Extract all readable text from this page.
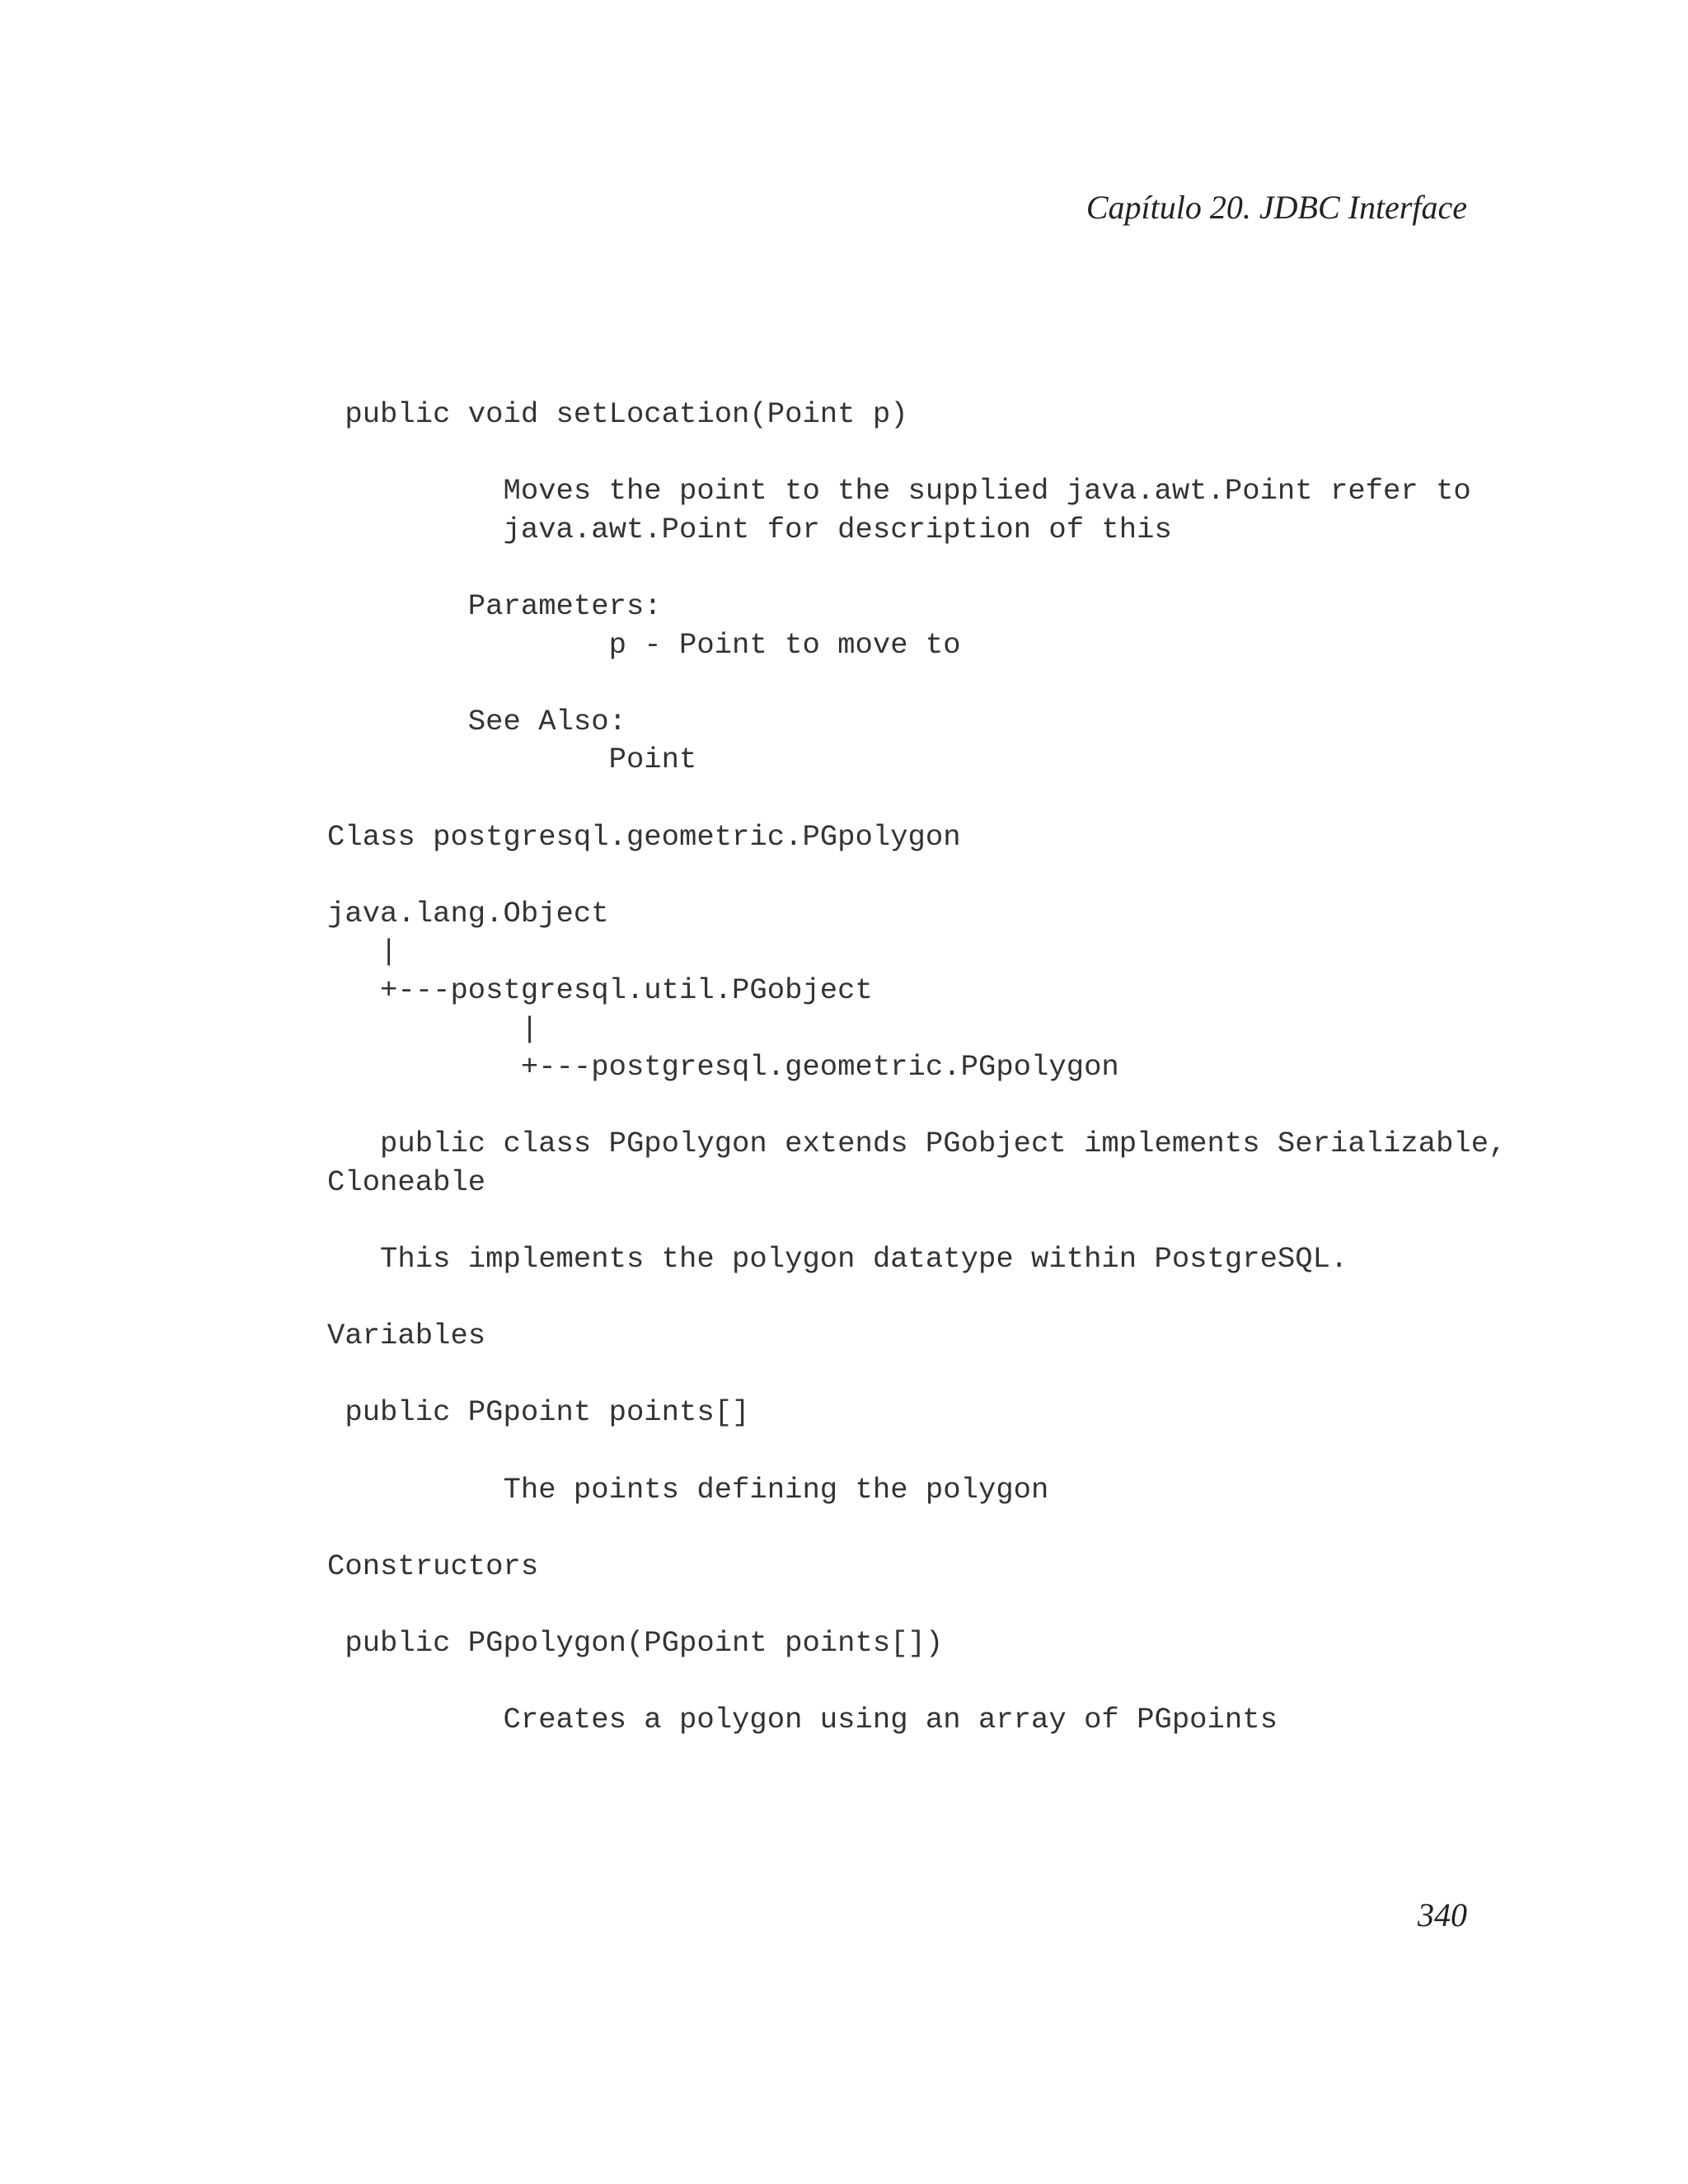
Capítulo 20. JDBC Interface
public void setLocation(Point p)
Moves the point to the supplied java.awt.Point refer to
java.awt.Point for description of this
Parameters:
p - Point to move to
See Also:
Point
Class postgresql.geometric.PGpolygon
java.lang.Object
|
+---postgresql.util.PGobject
|
+---postgresql.geometric.PGpolygon
public class PGpolygon extends PGobject implements Serializable,
Cloneable
This implements the polygon datatype within PostgreSQL.
Variables
public PGpoint points[]
The points defining the polygon
Constructors
public PGpolygon(PGpoint points[])
Creates a polygon using an array of PGpoints
340
